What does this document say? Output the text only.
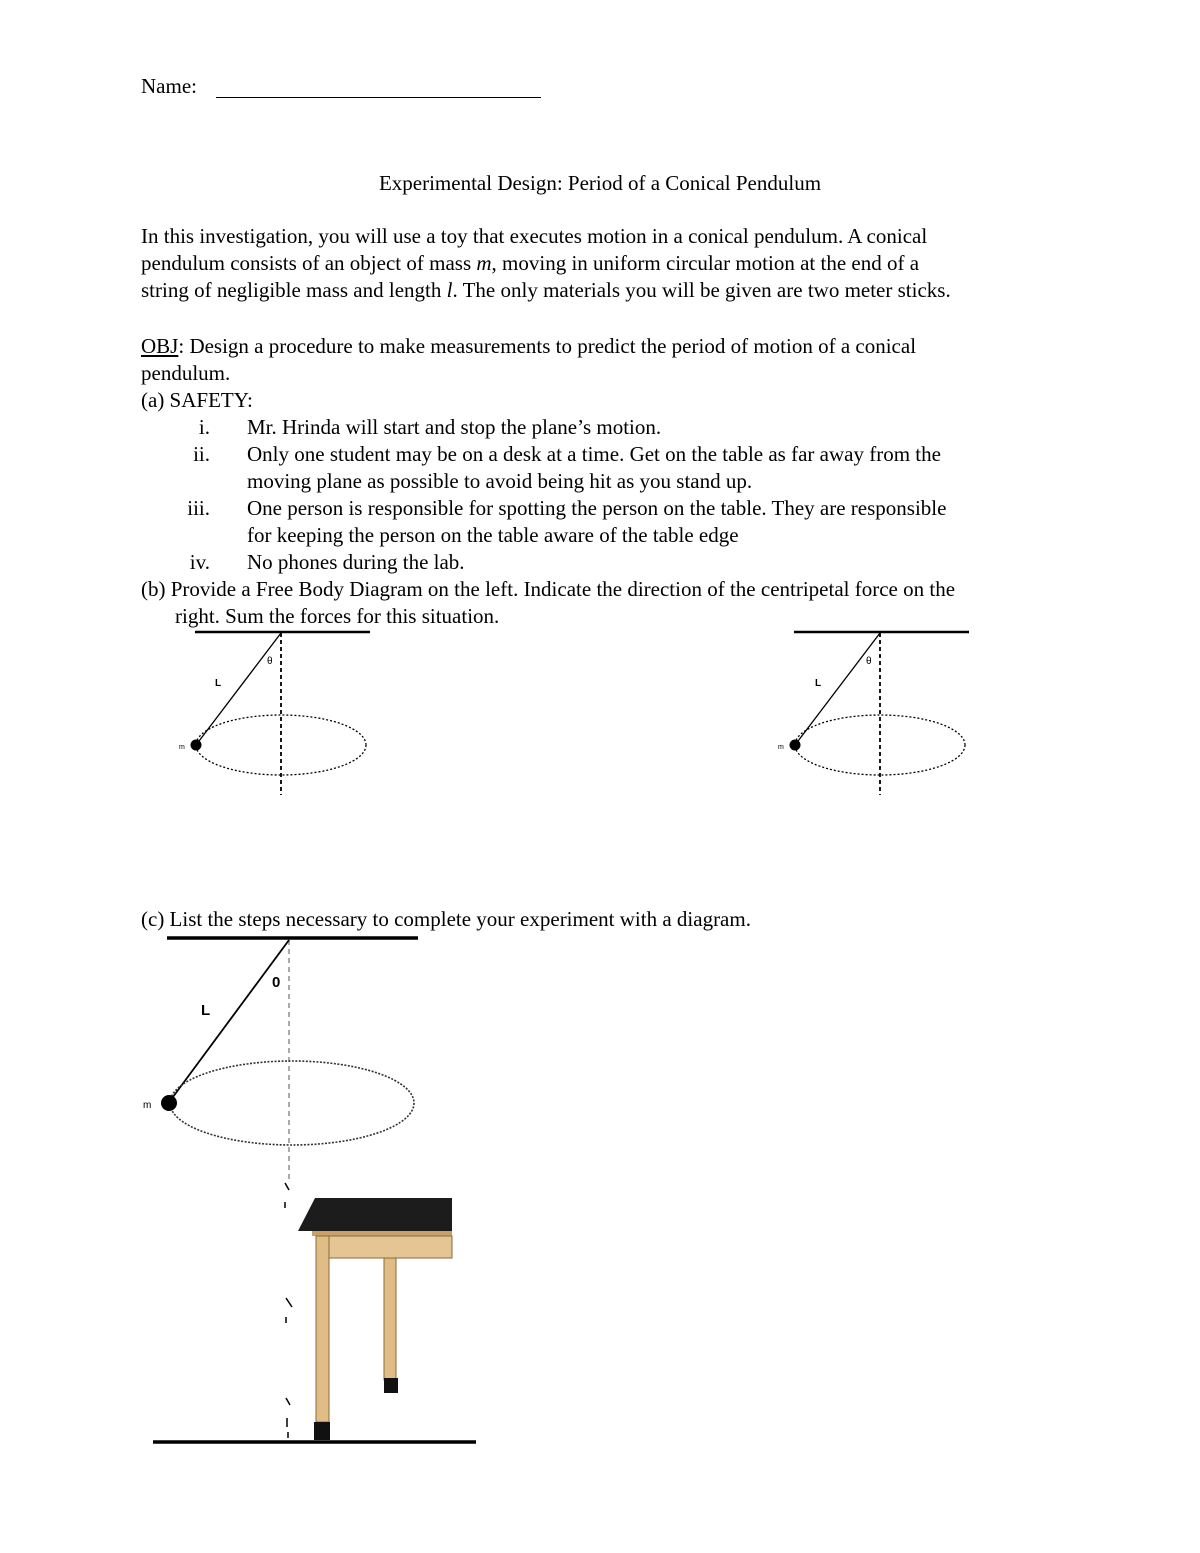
Name:
Experimental Design: Period of a Conical Pendulum
In this investigation, you will use a toy that executes motion in a conical pendulum. A conical
pendulum consists of an object of mass m, moving in uniform circular motion at the end of a
string of negligible mass and length l. The only materials you will be given are two meter sticks.
OBJ: Design a procedure to make measurements to predict the period of motion of a conical
pendulum.
(a) SAFETY:
i. Mr. Hrinda will start and stop the plane’s motion.
ii. Only one student may be on a desk at a time. Get on the table as far away from the
moving plane as possible to avoid being hit as you stand up.
iii. One person is responsible for spotting the person on the table. They are responsible
for keeping the person on the table aware of the table edge
iv. No phones during the lab.
(b) Provide a Free Body Diagram on the left. Indicate the direction of the centripetal force on the
right. Sum the forces for this situation.
(c) List the steps necessary to complete your experiment with a diagram.
L
θ
m
L
θ
m
L
0
m
